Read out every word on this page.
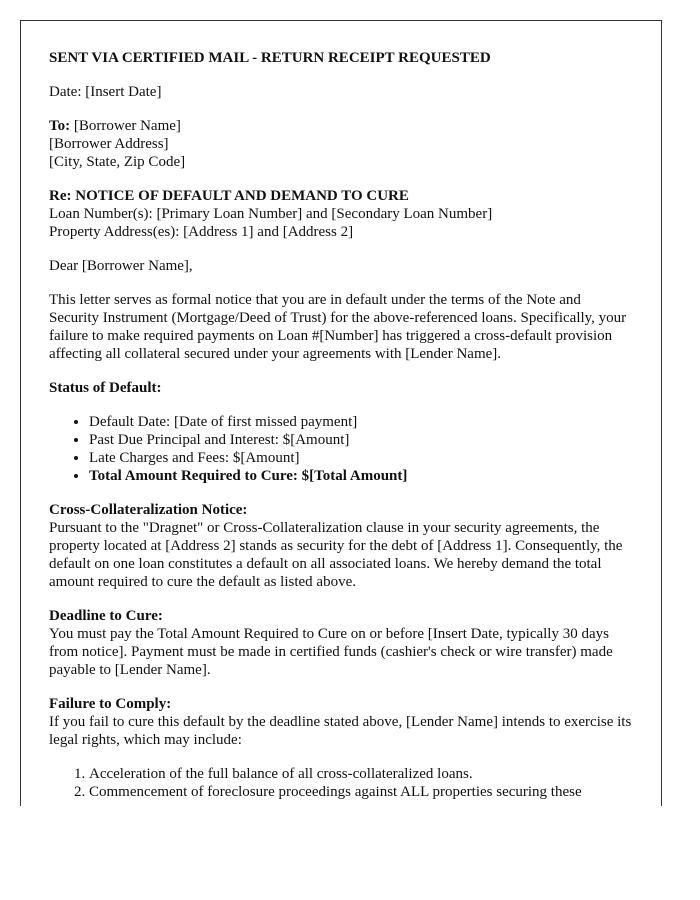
SENT VIA CERTIFIED MAIL - RETURN RECEIPT REQUESTED

Date: [Insert Date]

To: [Borrower Name]
[Borrower Address]
[City, State, Zip Code]

Re: NOTICE OF DEFAULT AND DEMAND TO CURE
Loan Number(s): [Primary Loan Number] and [Secondary Loan Number]
Property Address(es): [Address 1] and [Address 2]

Dear [Borrower Name],

This letter serves as formal notice that you are in default under the terms of the Note and Security Instrument (Mortgage/Deed of Trust) for the above-referenced loans. Specifically, your failure to make required payments on Loan #[Number] has triggered a cross-default provision affecting all collateral secured under your agreements with [Lender Name].

Status of Default:

• Default Date: [Date of first missed payment]
• Past Due Principal and Interest: $[Amount]
• Late Charges and Fees: $[Amount]
• Total Amount Required to Cure: $[Total Amount]

Cross-Collateralization Notice:
Pursuant to the "Dragnet" or Cross-Collateralization clause in your security agreements, the property located at [Address 2] stands as security for the debt of [Address 1]. Consequently, the default on one loan constitutes a default on all associated loans. We hereby demand the total amount required to cure the default as listed above.

Deadline to Cure:
You must pay the Total Amount Required to Cure on or before [Insert Date, typically 30 days from notice]. Payment must be made in certified funds (cashier's check or wire transfer) made payable to [Lender Name].

Failure to Comply:
If you fail to cure this default by the deadline stated above, [Lender Name] intends to exercise its legal rights, which may include:

1. Acceleration of the full balance of all cross-collateralized loans.
2. Commencement of foreclosure proceedings against ALL properties securing these
